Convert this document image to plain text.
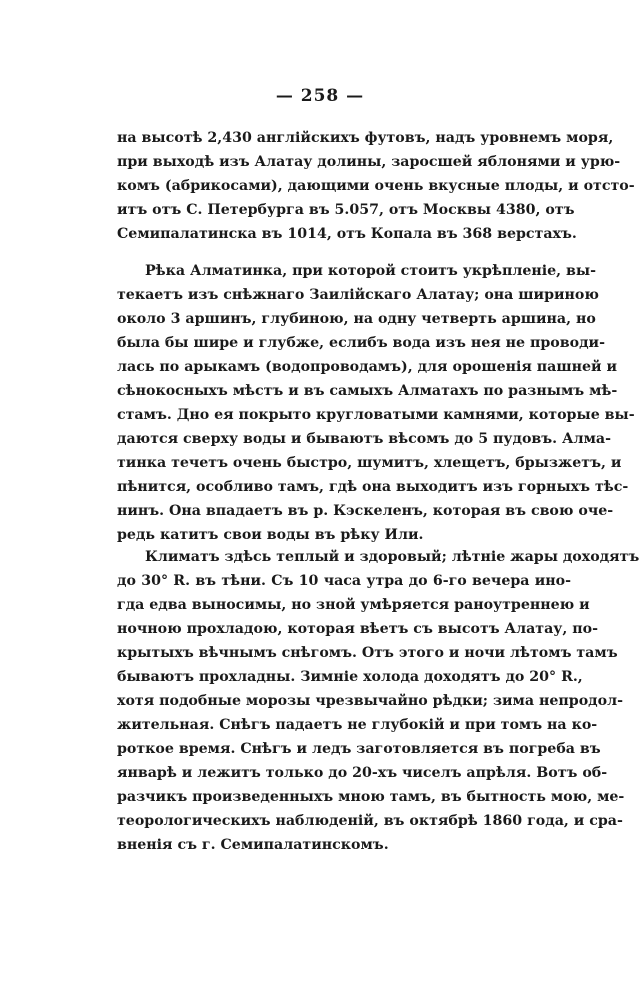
— 258 —
на высотѣ 2,430 англiйскихъ футовъ, надъ уровнемъ моря,
при выходѣ изъ Алатау долины, заросшей яблонями и урю-
комъ (абрикосами), дающими очень вкусные плоды, и отсто-
итъ отъ С. Петербурга въ 5.057, отъ Москвы 4380, отъ
Семипалатинска въ 1014, отъ Копала въ 368 верстахъ.
Рѣка Алматинка, при которой стоитъ укрѣпленiе, вы-
текаетъ изъ снѣжнаго Заилiйскаго Алатау; она шириною
около 3 аршинъ, глубиною, на одну четверть аршина, но
была бы шире и глубже, еслибъ вода изъ нея не проводи-
лась по арыкамъ (водопроводамъ), для орошенiя пашней и
сѣнокосныхъ мѣстъ и въ самыхъ Алматахъ по разнымъ мѣ-
стамъ. Дно ея покрыто кругловатыми камнями, которые вы-
даются сверху воды и бываютъ вѣсомъ до 5 пудовъ. Алма-
тинка течетъ очень быстро, шумитъ, хлещетъ, брызжетъ, и
пѣнится, особливо тамъ, гдѣ она выходитъ изъ горныхъ тѣс-
нинъ. Она впадаетъ въ р. Кэскеленъ, которая въ свою оче-
редь катитъ свои воды въ рѣку Или.
Климатъ здѣсь теплый и здоровый; лѣтнiе жары доходятъ
до 30° R. въ тѣни. Съ 10 часа утра до 6-го вечера ино-
гда едва выносимы, но зной умѣряется раноутреннею и
ночною прохладою, которая вѣетъ съ высотъ Алатау, по-
крытыхъ вѣчнымъ снѣгомъ. Отъ этого и ночи лѣтомъ тамъ
бываютъ прохладны. Зимнiе холода доходятъ до 20° R.,
хотя подобные морозы чрезвычайно рѣдки; зима непродол-
жительная. Снѣгъ падаетъ не глубокiй и при томъ на ко-
роткое время. Снѣгъ и ледъ заготовляется въ погреба въ
январѣ и лежитъ только до 20-хъ чиселъ апрѣля. Вотъ об-
разчикъ произведенныхъ мною тамъ, въ бытность мою, ме-
теорологическихъ наблюденiй, въ октябрѣ 1860 года, и сра-
вненiя съ г. Семипалатинскомъ.
